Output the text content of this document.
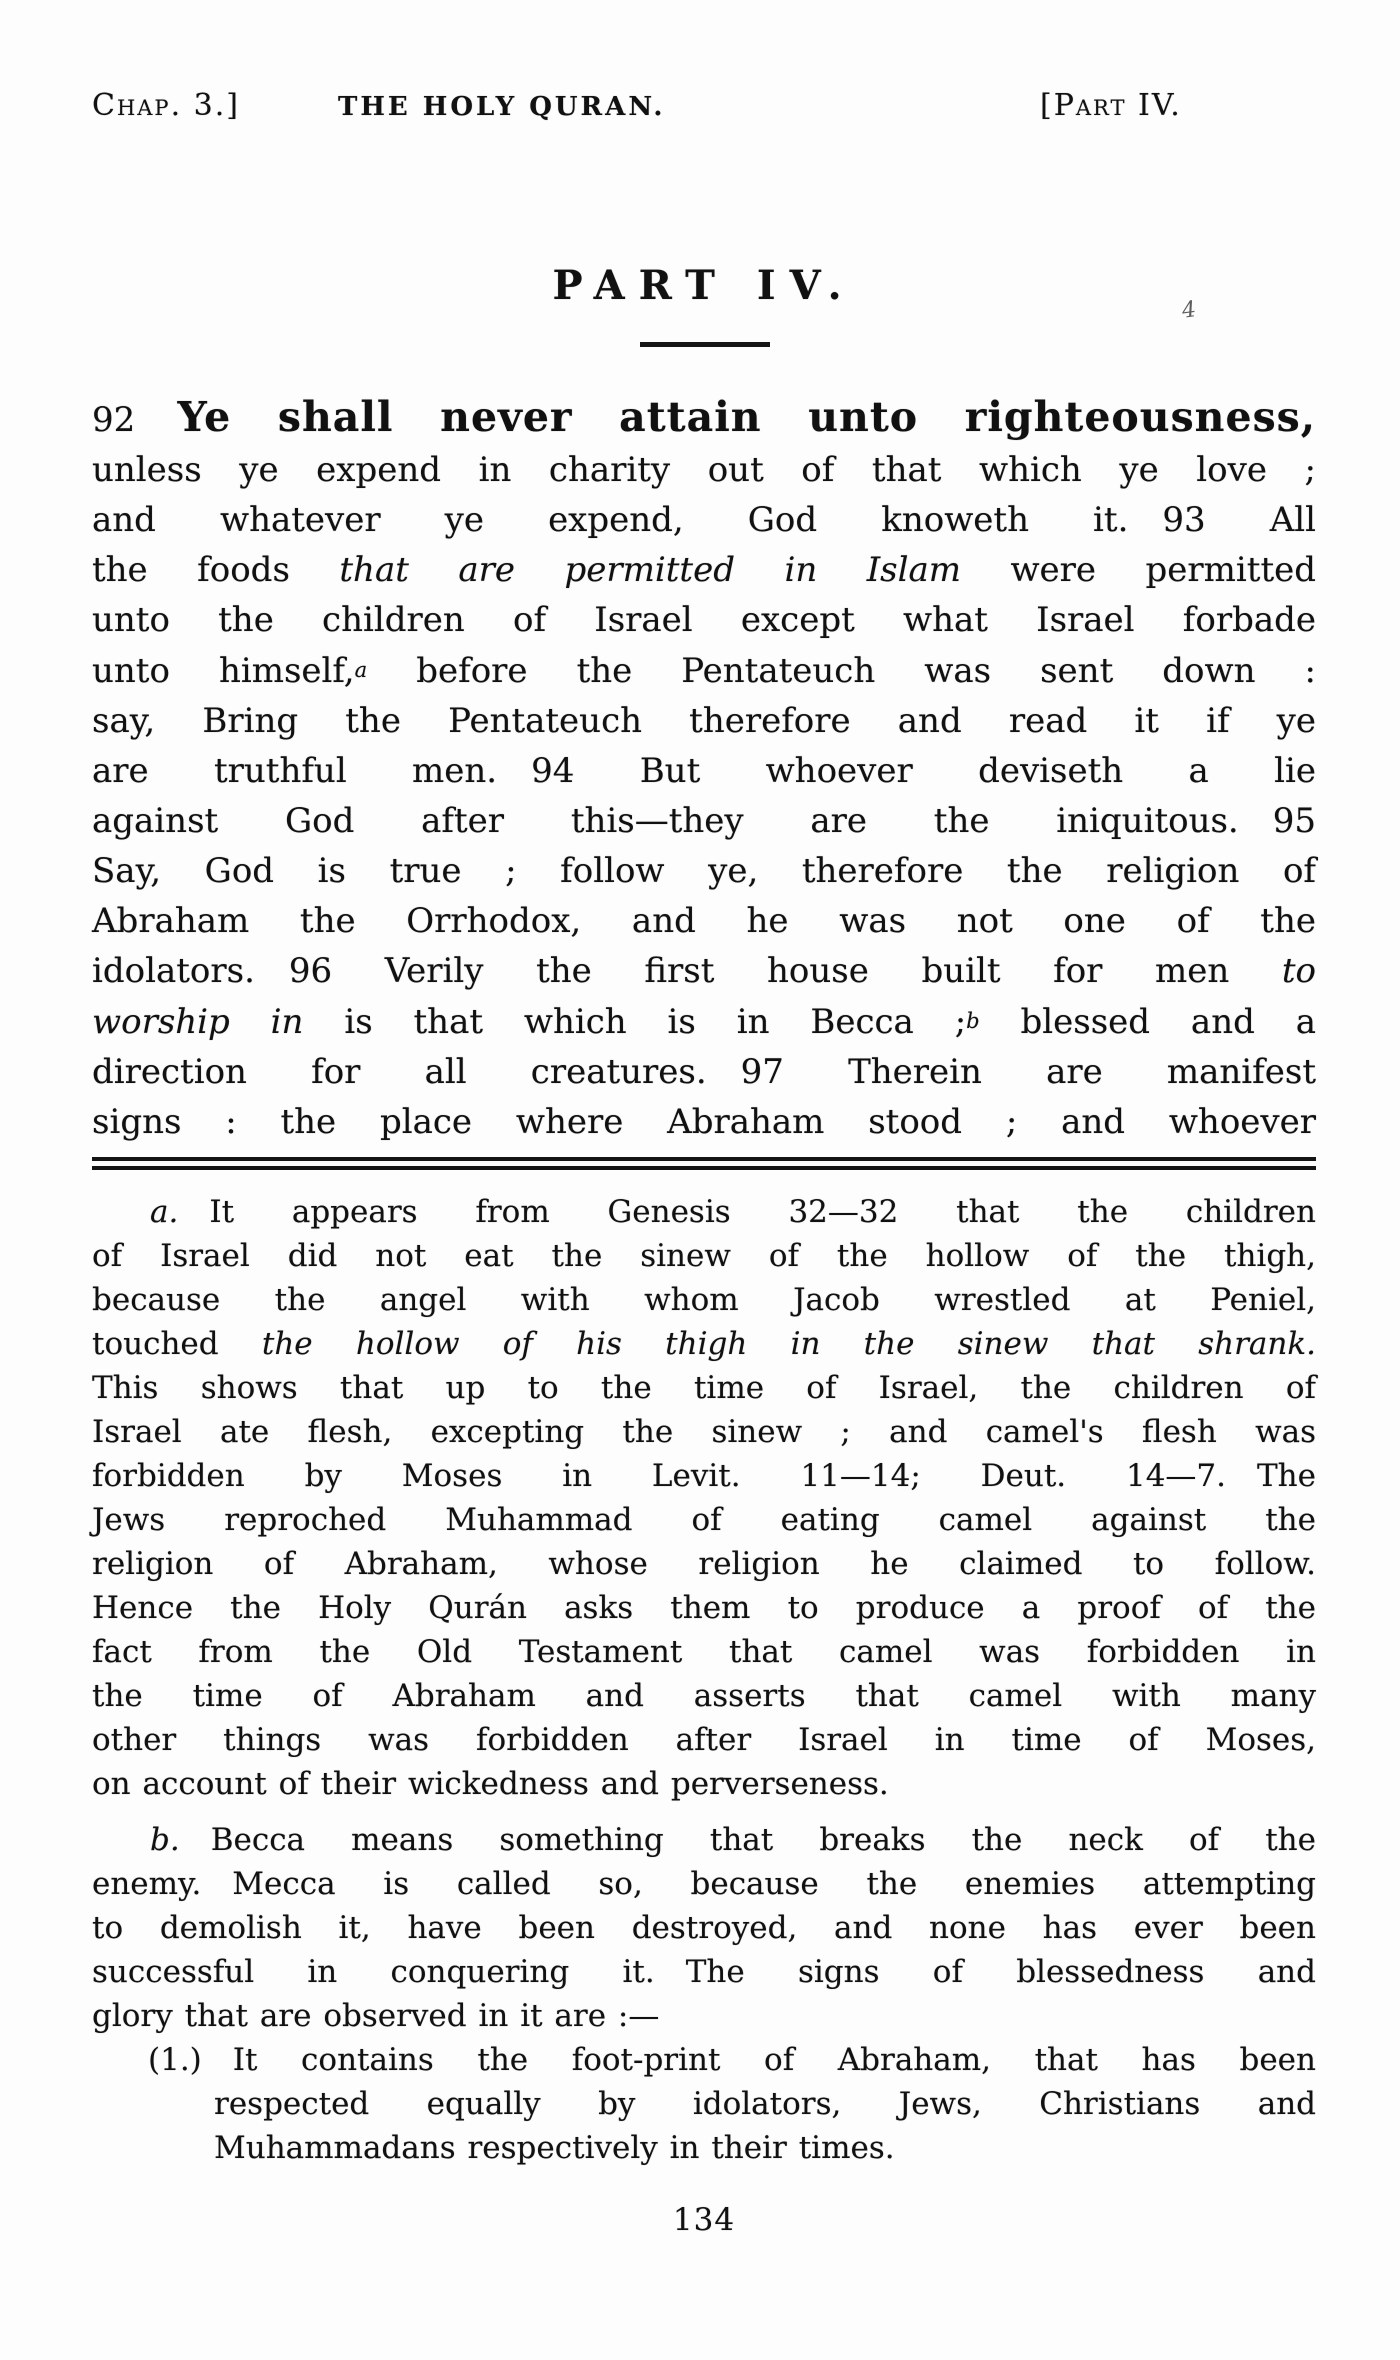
Chap. 3.]	THE HOLY QURAN.	[Part IV.
PART IV.
4
92 Ye shall never attain unto righteousness,
unless ye expend in charity out of that which ye love ;
and whatever ye expend, God knoweth it. 93 All
the foods that are permitted in Islam were permitted
unto the children of Israel except what Israel forbade
unto himself,a before the Pentateuch was sent down :
say, Bring the Pentateuch therefore and read it if ye
are truthful men. 94 But whoever deviseth a lie
against God after this—they are the iniquitous. 95
Say, God is true ; follow ye, therefore the religion of
Abraham the Orrhodox, and he was not one of the
idolators. 96 Verily the first house built for men to
worship in is that which is in Becca ;b blessed and a
direction for all creatures. 97 Therein are manifest
signs : the place where Abraham stood ; and whoever
a. It appears from Genesis 32—32 that the children
of Israel did not eat the sinew of the hollow of the thigh,
because the angel with whom Jacob wrestled at Peniel,
touched the hollow of his thigh in the sinew that shrank.
This shows that up to the time of Israel, the children of
Israel ate flesh, excepting the sinew ; and camel's flesh was
forbidden by Moses in Levit. 11—14; Deut. 14—7. The
Jews reproched Muhammad of eating camel against the
religion of Abraham, whose religion he claimed to follow.
Hence the Holy Qurán asks them to produce a proof of the
fact from the Old Testament that camel was forbidden in
the time of Abraham and asserts that camel with many
other things was forbidden after Israel in time of Moses,
on account of their wickedness and perverseness.
b. Becca means something that breaks the neck of the
enemy. Mecca is called so, because the enemies attempting
to demolish it, have been destroyed, and none has ever been
successful in conquering it. The signs of blessedness and
glory that are observed in it are :—
(1.) It contains the foot-print of Abraham, that has been
respected equally by idolators, Jews, Christians and
Muhammadans respectively in their times.
134
